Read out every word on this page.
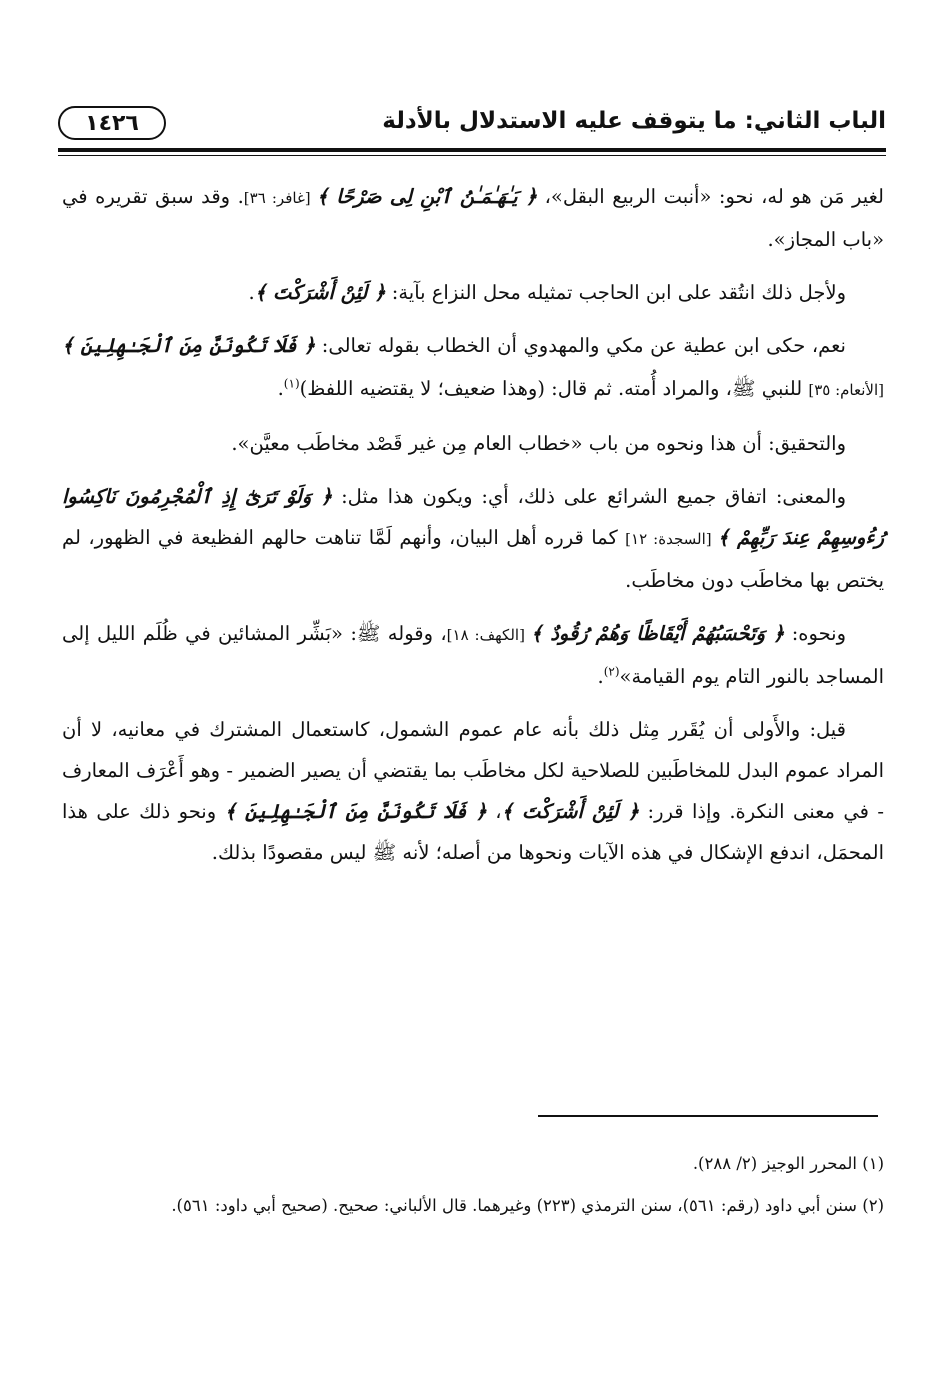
الباب الثاني: ما يتوقف عليه الاستدلال بالأدلة
١٤٢٦

لغير مَن هو له، نحو: «أنبت الربيع البقل»، ﴿ يَـٰهَـٰمَـٰنُ ٱبْنِ لِى صَرْحًا ﴾ [غافر: ٣٦]. وقد سبق تقريره في «باب المجاز».

ولأجل ذلك انتُقد على ابن الحاجب تمثيله محل النزاع بآية: ﴿ لَئِنْ أَشْرَكْتَ ﴾.

نعم، حكى ابن عطية عن مكي والمهدوي أن الخطاب بقوله تعالى: ﴿ فَلَا تَكُونَنَّ مِنَ ٱلْجَـٰهِلِينَ ﴾ [الأنعام: ٣٥] للنبي ﷺ، والمراد أُمته. ثم قال: (وهذا ضعيف؛ لا يقتضيه اللفظ)$^{(١)}$.

والتحقيق: أن هذا ونحوه من باب «خطاب العام مِن غير قَصْد مخاطَب معيَّن».

والمعنى: اتفاق جميع الشرائع على ذلك، أي: ويكون هذا مثل: ﴿ وَلَوْ تَرَىٰٓ إِذِ ٱلْمُجْرِمُونَ نَاكِسُوا رُءُوسِهِمْ عِندَ رَبِّهِمْ ﴾ [السجدة: ١٢] كما قرره أهل البيان، وأنهم لَمَّا تناهت حالهم الفظيعة في الظهور، لم يختص بها مخاطَب دون مخاطَب.

ونحوه: ﴿ وَتَحْسَبُهُمْ أَيْقَاظًا وَهُمْ رُقُودٌ ﴾ [الكهف: ١٨]، وقوله ﷺ: «بَشِّر المشائين في ظُلَم الليل إلى المساجد بالنور التام يوم القيامة»$^{(٢)}$.

قيل: والأَولى أن يُقَرر مِثل ذلك بأنه عام عموم الشمول، كاستعمال المشترك في معانيه، لا أن المراد عموم البدل للمخاطَبين للصلاحية لكل مخاطَب بما يقتضي أن يصير الضمير - وهو أَعْرَف المعارف - في معنى النكرة. وإذا قرر: ﴿ لَئِنْ أَشْرَكْتَ ﴾، ﴿ فَلَا تَكُونَنَّ مِنَ ٱلْجَـٰهِلِينَ ﴾ ونحو ذلك على هذا المحمَل، اندفع الإشكال في هذه الآيات ونحوها من أصله؛ لأنه ﷺ ليس مقصودًا بذلك.

(١) المحرر الوجيز (٢/ ٢٨٨).

(٢) سنن أبي داود (رقم: ٥٦١)، سنن الترمذي (٢٢٣) وغيرهما. قال الألباني: صحيح. (صحيح أبي داود: ٥٦١).
